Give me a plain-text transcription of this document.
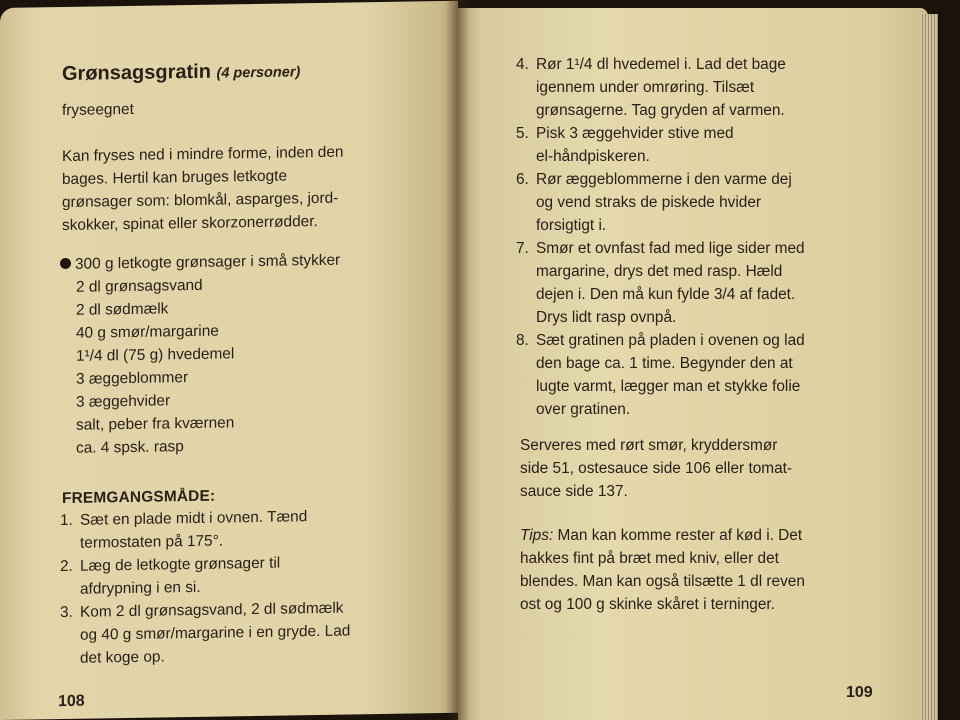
Grønsagsgratin (4 personer)
fryseegnet
Kan fryses ned i mindre forme, inden den
bages. Hertil kan bruges letkogte
grønsager som: blomkål, asparges, jord-
skokker, spinat eller skorzonerrødder.
300 g letkogte grønsager i små stykker
2 dl grønsagsvand
2 dl sødmælk
40 g smør/margarine
1¹/4 dl (75 g) hvedemel
3 æggeblommer
3 æggehvider
salt, peber fra kværnen
ca. 4 spsk. rasp
FREMGANGSMÅDE:
1. Sæt en plade midt i ovnen. Tænd
termostaten på 175°.
2. Læg de letkogte grønsager til
afdrypning i en si.
3. Kom 2 dl grønsagsvand, 2 dl sødmælk
og 40 g smør/margarine i en gryde. Lad
det koge op.
108
4. Rør 1¹/4 dl hvedemel i. Lad det bage
igennem under omrøring. Tilsæt
grønsagerne. Tag gryden af varmen.
5. Pisk 3 æggehvider stive med
el-håndpiskeren.
6. Rør æggeblommerne i den varme dej
og vend straks de piskede hvider
forsigtigt i.
7. Smør et ovnfast fad med lige sider med
margarine, drys det med rasp. Hæld
dejen i. Den må kun fylde 3/4 af fadet.
Drys lidt rasp ovnpå.
8. Sæt gratinen på pladen i ovenen og lad
den bage ca. 1 time. Begynder den at
lugte varmt, lægger man et stykke folie
over gratinen.
Serveres med rørt smør, kryddersmør
side 51, ostesauce side 106 eller tomat-
sauce side 137.
Tips: Man kan komme rester af kød i. Det
hakkes fint på bræt med kniv, eller det
blendes. Man kan også tilsætte 1 dl reven
ost og 100 g skinke skåret i terninger.
109
